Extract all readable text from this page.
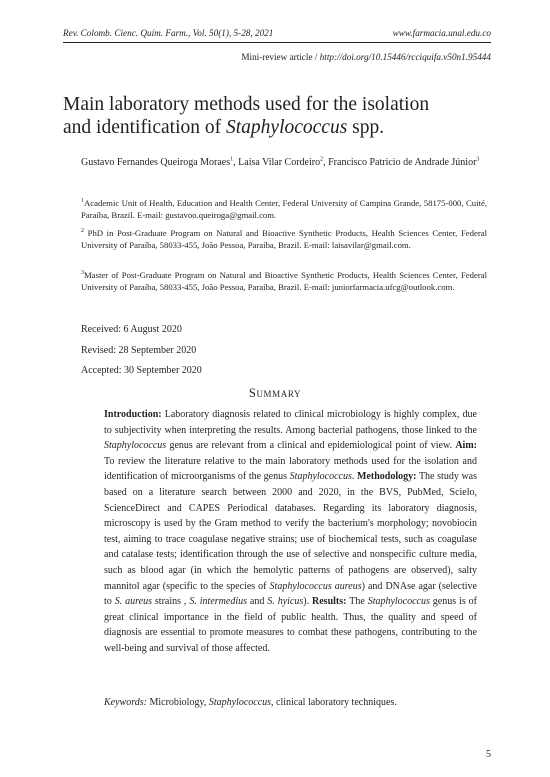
Rev. Colomb. Cienc. Quím. Farm., Vol. 50(1), 5-28, 2021	www.farmacia.unal.edu.co
Mini-review article / http://doi.org/10.15446/rcciquifa.v50n1.95444
Main laboratory methods used for the isolation
and identification of Staphylococcus spp.
Gustavo Fernandes Queiroga Moraes$^1$, Laísa Vilar Cordeiro$^2$, Francisco Patricio de Andrade Júnior$^3$
$^1$Academic Unit of Health, Education and Health Center, Federal University of Campina Grande, 58175-000, Cuité, Paraíba, Brazil. E-mail: gustavoo.queiroga@gmail.com.
$^2$ PhD in Post-Graduate Program on Natural and Bioactive Synthetic Products, Health Sciences Center, Federal University of Paraíba, 58033-455, João Pessoa, Paraíba, Brazil. E-mail: laisavilar@gmail.com.
$^3$Master of Post-Graduate Program on Natural and Bioactive Synthetic Products, Health Sciences Center, Federal University of Paraíba, 58033-455, João Pessoa, Paraíba, Brazil. E-mail: juniorfarmacia.ufcg@outlook.com.
Received: 6 August 2020
Revised: 28 September 2020
Accepted: 30 September 2020
Summary
Introduction: Laboratory diagnosis related to clinical microbiology is highly complex, due to subjectivity when interpreting the results. Among bacterial pathogens, those linked to the Staphylococcus genus are relevant from a clinical and epidemiological point of view. Aim: To review the literature relative to the main laboratory methods used for the isolation and identification of microorganisms of the genus Staphylococcus. Methodology: The study was based on a literature search between 2000 and 2020, in the BVS, PubMed, Scielo, ScienceDirect and CAPES Periodical databases. Regarding its laboratory diagnosis, microscopy is used by the Gram method to verify the bacterium's morphology; novobiocin test, aiming to trace coagulase negative strains; use of biochemical tests, such as coagulase and catalase tests; identification through the use of selective and nonspecific culture media, such as blood agar (in which the hemolytic patterns of pathogens are observed), salty mannitol agar (specific to the species of Staphylococcus aureus) and DNAse agar (selective to S. aureus strains , S. intermedius and S. hyicus). Results: The Staphylococcus genus is of great clinical importance in the field of public health. Thus, the quality and speed of diagnosis are essential to promote measures to combat these pathogens, contributing to the well-being and survival of those affected.
Keywords: Microbiology, Staphylococcus, clinical laboratory techniques.
5
